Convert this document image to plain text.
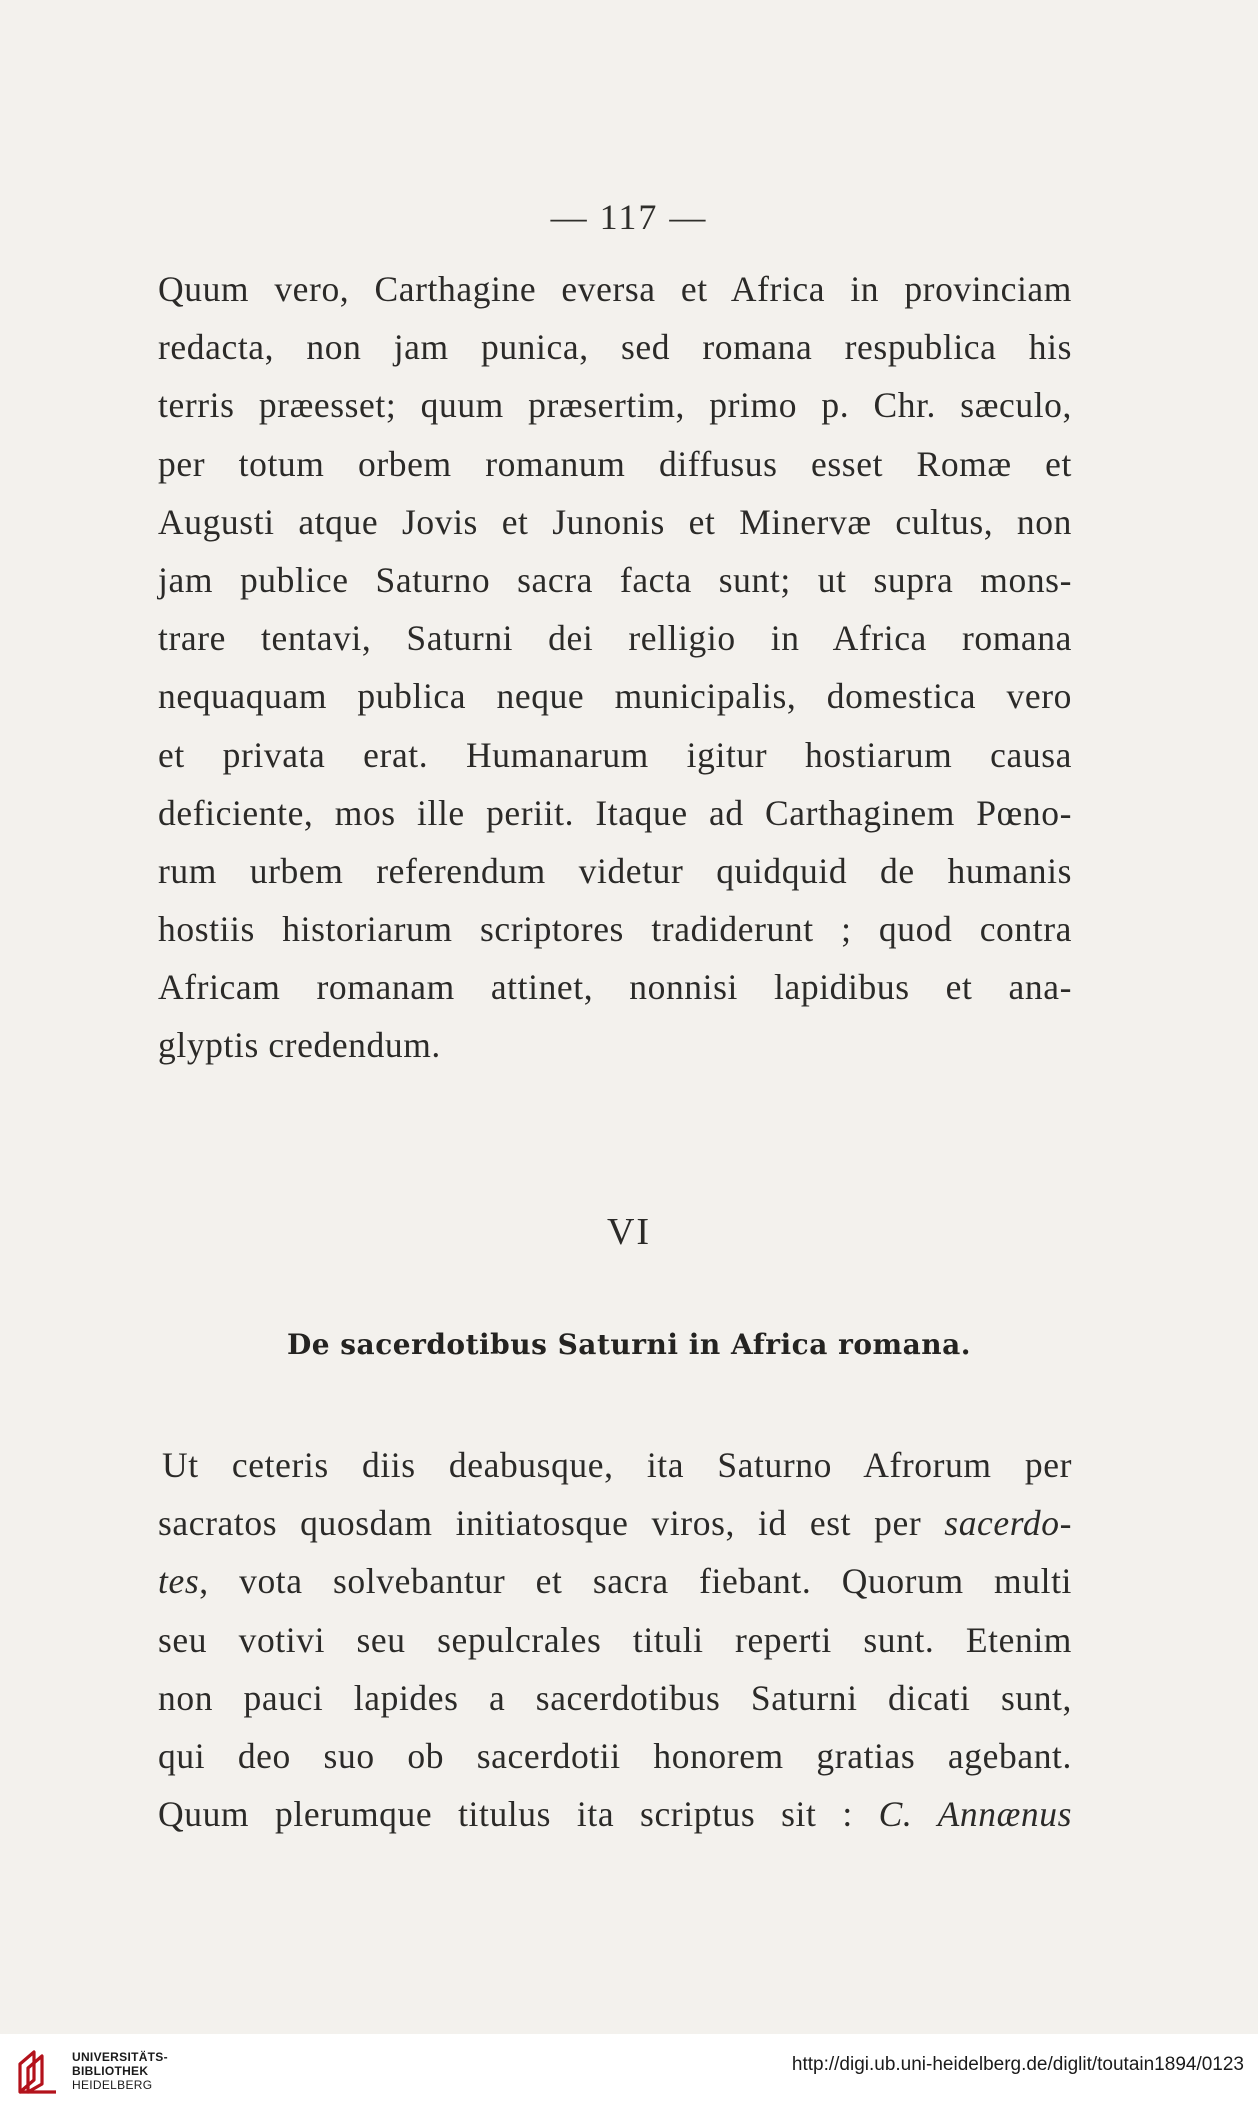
— 117 —
Quum vero, Carthagine eversa et Africa in provinciam
redacta, non jam punica, sed romana respublica his
terris præesset; quum præsertim, primo p. Chr. sæculo,
per totum orbem romanum diffusus esset Romæ et
Augusti atque Jovis et Junonis et Minervæ cultus, non
jam publice Saturno sacra facta sunt; ut supra mons-
trare tentavi, Saturni dei relligio in Africa romana
nequaquam publica neque municipalis, domestica vero
et privata erat. Humanarum igitur hostiarum causa
deficiente, mos ille periit. Itaque ad Carthaginem Pœno-
rum urbem referendum videtur quidquid de humanis
hostiis historiarum scriptores tradiderunt ; quod contra
Africam romanam attinet, nonnisi lapidibus et ana-
glyptis credendum.
VI
De sacerdotibus Saturni in Africa romana.
Ut ceteris diis deabusque, ita Saturno Afrorum per
sacratos quosdam initiatosque viros, id est per sacerdo-
tes, vota solvebantur et sacra fiebant. Quorum multi
seu votivi seu sepulcrales tituli reperti sunt. Etenim
non pauci lapides a sacerdotibus Saturni dicati sunt,
qui deo suo ob sacerdotii honorem gratias agebant.
Quum plerumque titulus ita scriptus sit : C. Annænus
UNIVERSITÄTS-
BIBLIOTHEK
HEIDELBERG
http://digi.ub.uni-heidelberg.de/diglit/toutain1894/0123
